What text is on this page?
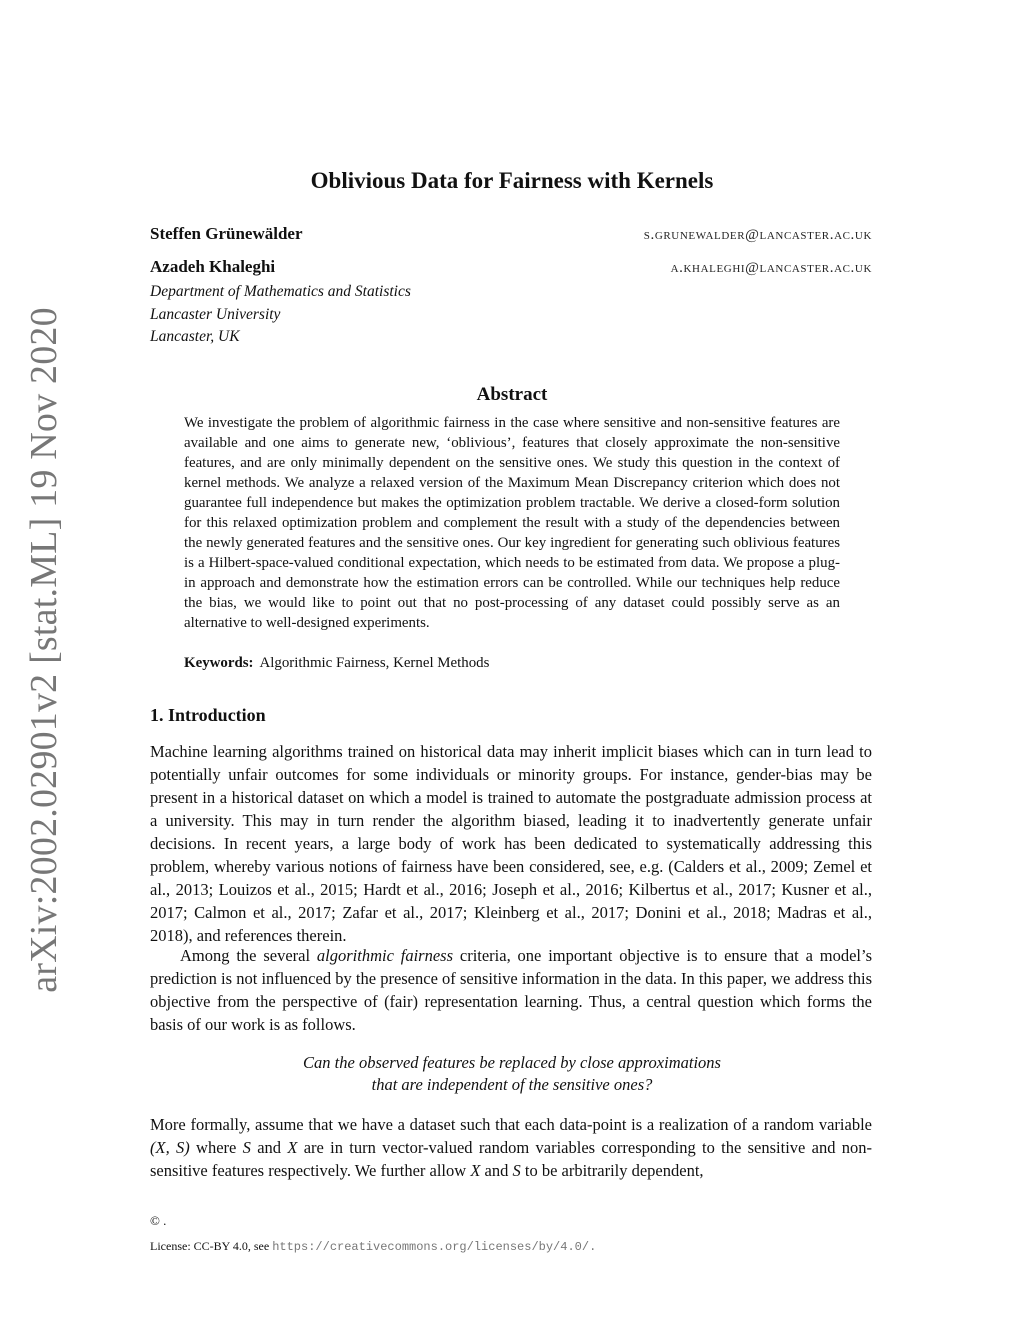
arXiv:2002.02901v2 [stat.ML] 19 Nov 2020
Oblivious Data for Fairness with Kernels
Steffen Grünewälder	s.grunewalder@lancaster.ac.uk
Azadeh Khaleghi	a.khaleghi@lancaster.ac.uk
Department of Mathematics and Statistics
Lancaster University
Lancaster, UK
Abstract

We investigate the problem of algorithmic fairness in the case where sensitive and non-sensitive features are available and one aims to generate new, ‘oblivious’, features that closely approximate the non-sensitive features, and are only minimally dependent on the sensitive ones. We study this question in the context of kernel methods. We analyze a relaxed version of the Maximum Mean Discrepancy criterion which does not guarantee full independence but makes the optimization problem tractable. We derive a closed-form solution for this relaxed optimization problem and complement the result with a study of the dependencies between the newly generated features and the sensitive ones. Our key ingredient for generating such oblivious features is a Hilbert-space-valued conditional expectation, which needs to be estimated from data. We propose a plug-in approach and demonstrate how the estimation errors can be controlled. While our techniques help reduce the bias, we would like to point out that no post-processing of any dataset could possibly serve as an alternative to well-designed experiments.

Keywords: Algorithmic Fairness, Kernel Methods
1. Introduction

Machine learning algorithms trained on historical data may inherit implicit biases which can in turn lead to potentially unfair outcomes for some individuals or minority groups. For instance, gender-bias may be present in a historical dataset on which a model is trained to automate the postgraduate admission process at a university. This may in turn render the algorithm biased, leading it to inadvertently generate unfair decisions. In recent years, a large body of work has been dedicated to systematically addressing this problem, whereby various notions of fairness have been considered, see, e.g. (Calders et al., 2009; Zemel et al., 2013; Louizos et al., 2015; Hardt et al., 2016; Joseph et al., 2016; Kilbertus et al., 2017; Kusner et al., 2017; Calmon et al., 2017; Zafar et al., 2017; Kleinberg et al., 2017; Donini et al., 2018; Madras et al., 2018), and references therein.

Among the several algorithmic fairness criteria, one important objective is to ensure that a model’s prediction is not influenced by the presence of sensitive information in the data. In this paper, we address this objective from the perspective of (fair) representation learning. Thus, a central question which forms the basis of our work is as follows.

Can the observed features be replaced by close approximations
that are independent of the sensitive ones?

More formally, assume that we have a dataset such that each data-point is a realization of a random variable (X, S) where S and X are in turn vector-valued random variables corresponding to the sensitive and non-sensitive features respectively. We further allow X and S to be arbitrarily dependent,

© .
License: CC-BY 4.0, see https://creativecommons.org/licenses/by/4.0/.
